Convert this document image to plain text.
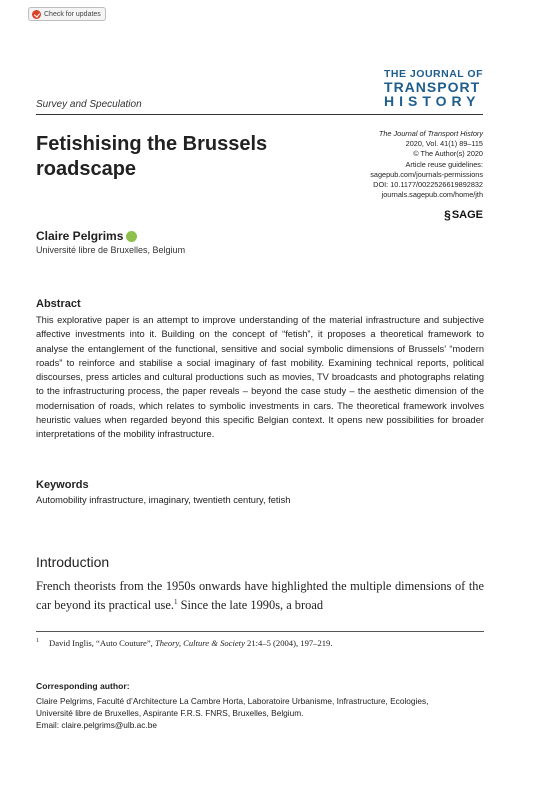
Check for updates
THE JOURNAL OF
TRANSPORT
HISTORY
Survey and Speculation
The Journal of Transport History
2020, Vol. 41(1) 89–115
© The Author(s) 2020
Article reuse guidelines:
sagepub.com/journals-permissions
DOI: 10.1177/0022526619892832
journals.sagepub.com/home/jth
§ SAGE
Fetishising the Brussels
roadscape
Claire Pelgrims
Université libre de Bruxelles, Belgium
Abstract
This explorative paper is an attempt to improve understanding of the material infrastructure and subjective affective investments into it. Building on the concept of “fetish”, it proposes a theoretical framework to analyse the entanglement of the functional, sensitive and social symbolic dimensions of Brussels’ “modern roads” to reinforce and stabilise a social imaginary of fast mobility. Examining technical reports, political discourses, press articles and cultural productions such as movies, TV broadcasts and photographs relating to the infrastructuring process, the paper reveals – beyond the case study – the aesthetic dimension of the modernisation of roads, which relates to symbolic investments in cars. The theoretical framework involves heuristic values when regarded beyond this specific Belgian context. It opens new possibilities for broader interpretations of the mobility infrastructure.
Keywords
Automobility infrastructure, imaginary, twentieth century, fetish
Introduction
French theorists from the 1950s onwards have highlighted the multiple dimensions of the car beyond its practical use.$^1$ Since the late 1990s, a broad
$^1$ David Inglis, “Auto Couture”, Theory, Culture & Society 21:4–5 (2004), 197–219.
Corresponding author:
Claire Pelgrims, Faculté d’Architecture La Cambre Horta, Laboratoire Urbanisme, Infrastructure, Ecologies,
Université libre de Bruxelles, Aspirante F.R.S. FNRS, Bruxelles, Belgium.
Email: claire.pelgrims@ulb.ac.be
